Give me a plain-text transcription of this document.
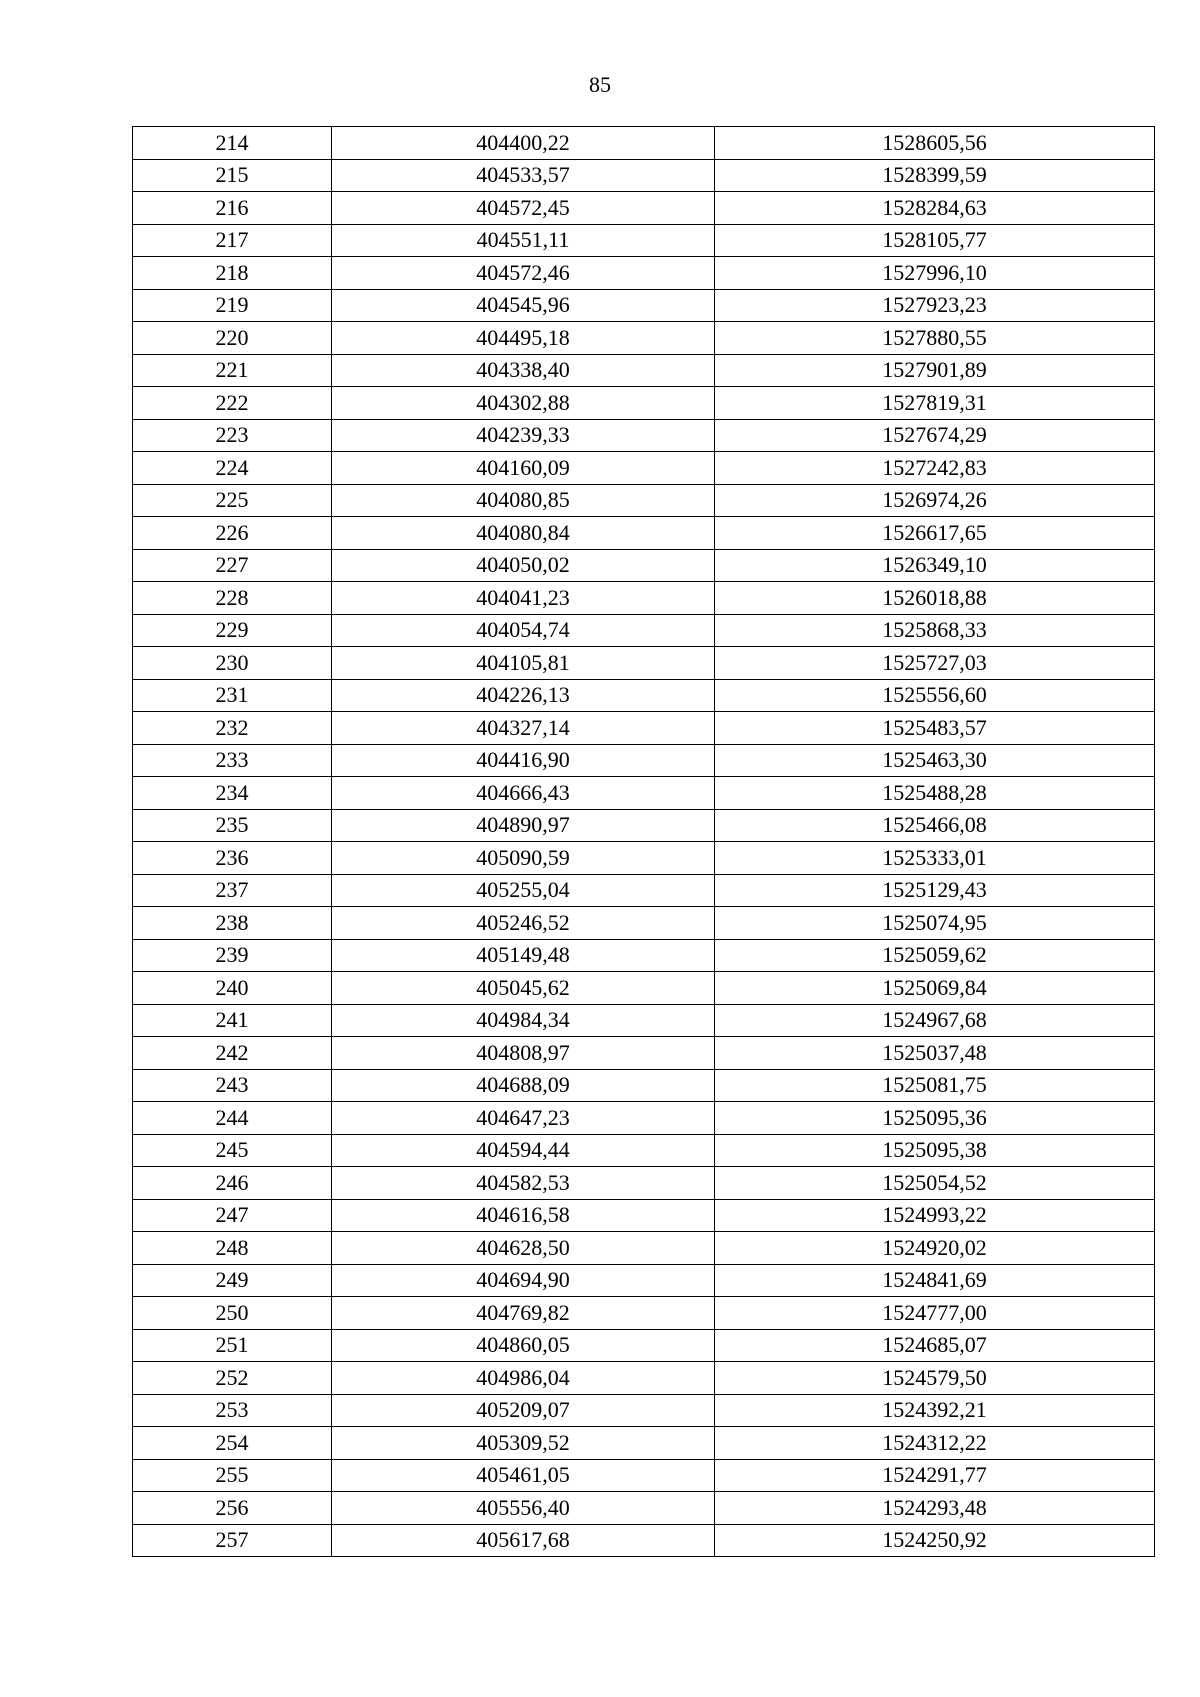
85
214	404400,22	1528605,56
215	404533,57	1528399,59
216	404572,45	1528284,63
217	404551,11	1528105,77
218	404572,46	1527996,10
219	404545,96	1527923,23
220	404495,18	1527880,55
221	404338,40	1527901,89
222	404302,88	1527819,31
223	404239,33	1527674,29
224	404160,09	1527242,83
225	404080,85	1526974,26
226	404080,84	1526617,65
227	404050,02	1526349,10
228	404041,23	1526018,88
229	404054,74	1525868,33
230	404105,81	1525727,03
231	404226,13	1525556,60
232	404327,14	1525483,57
233	404416,90	1525463,30
234	404666,43	1525488,28
235	404890,97	1525466,08
236	405090,59	1525333,01
237	405255,04	1525129,43
238	405246,52	1525074,95
239	405149,48	1525059,62
240	405045,62	1525069,84
241	404984,34	1524967,68
242	404808,97	1525037,48
243	404688,09	1525081,75
244	404647,23	1525095,36
245	404594,44	1525095,38
246	404582,53	1525054,52
247	404616,58	1524993,22
248	404628,50	1524920,02
249	404694,90	1524841,69
250	404769,82	1524777,00
251	404860,05	1524685,07
252	404986,04	1524579,50
253	405209,07	1524392,21
254	405309,52	1524312,22
255	405461,05	1524291,77
256	405556,40	1524293,48
257	405617,68	1524250,92
